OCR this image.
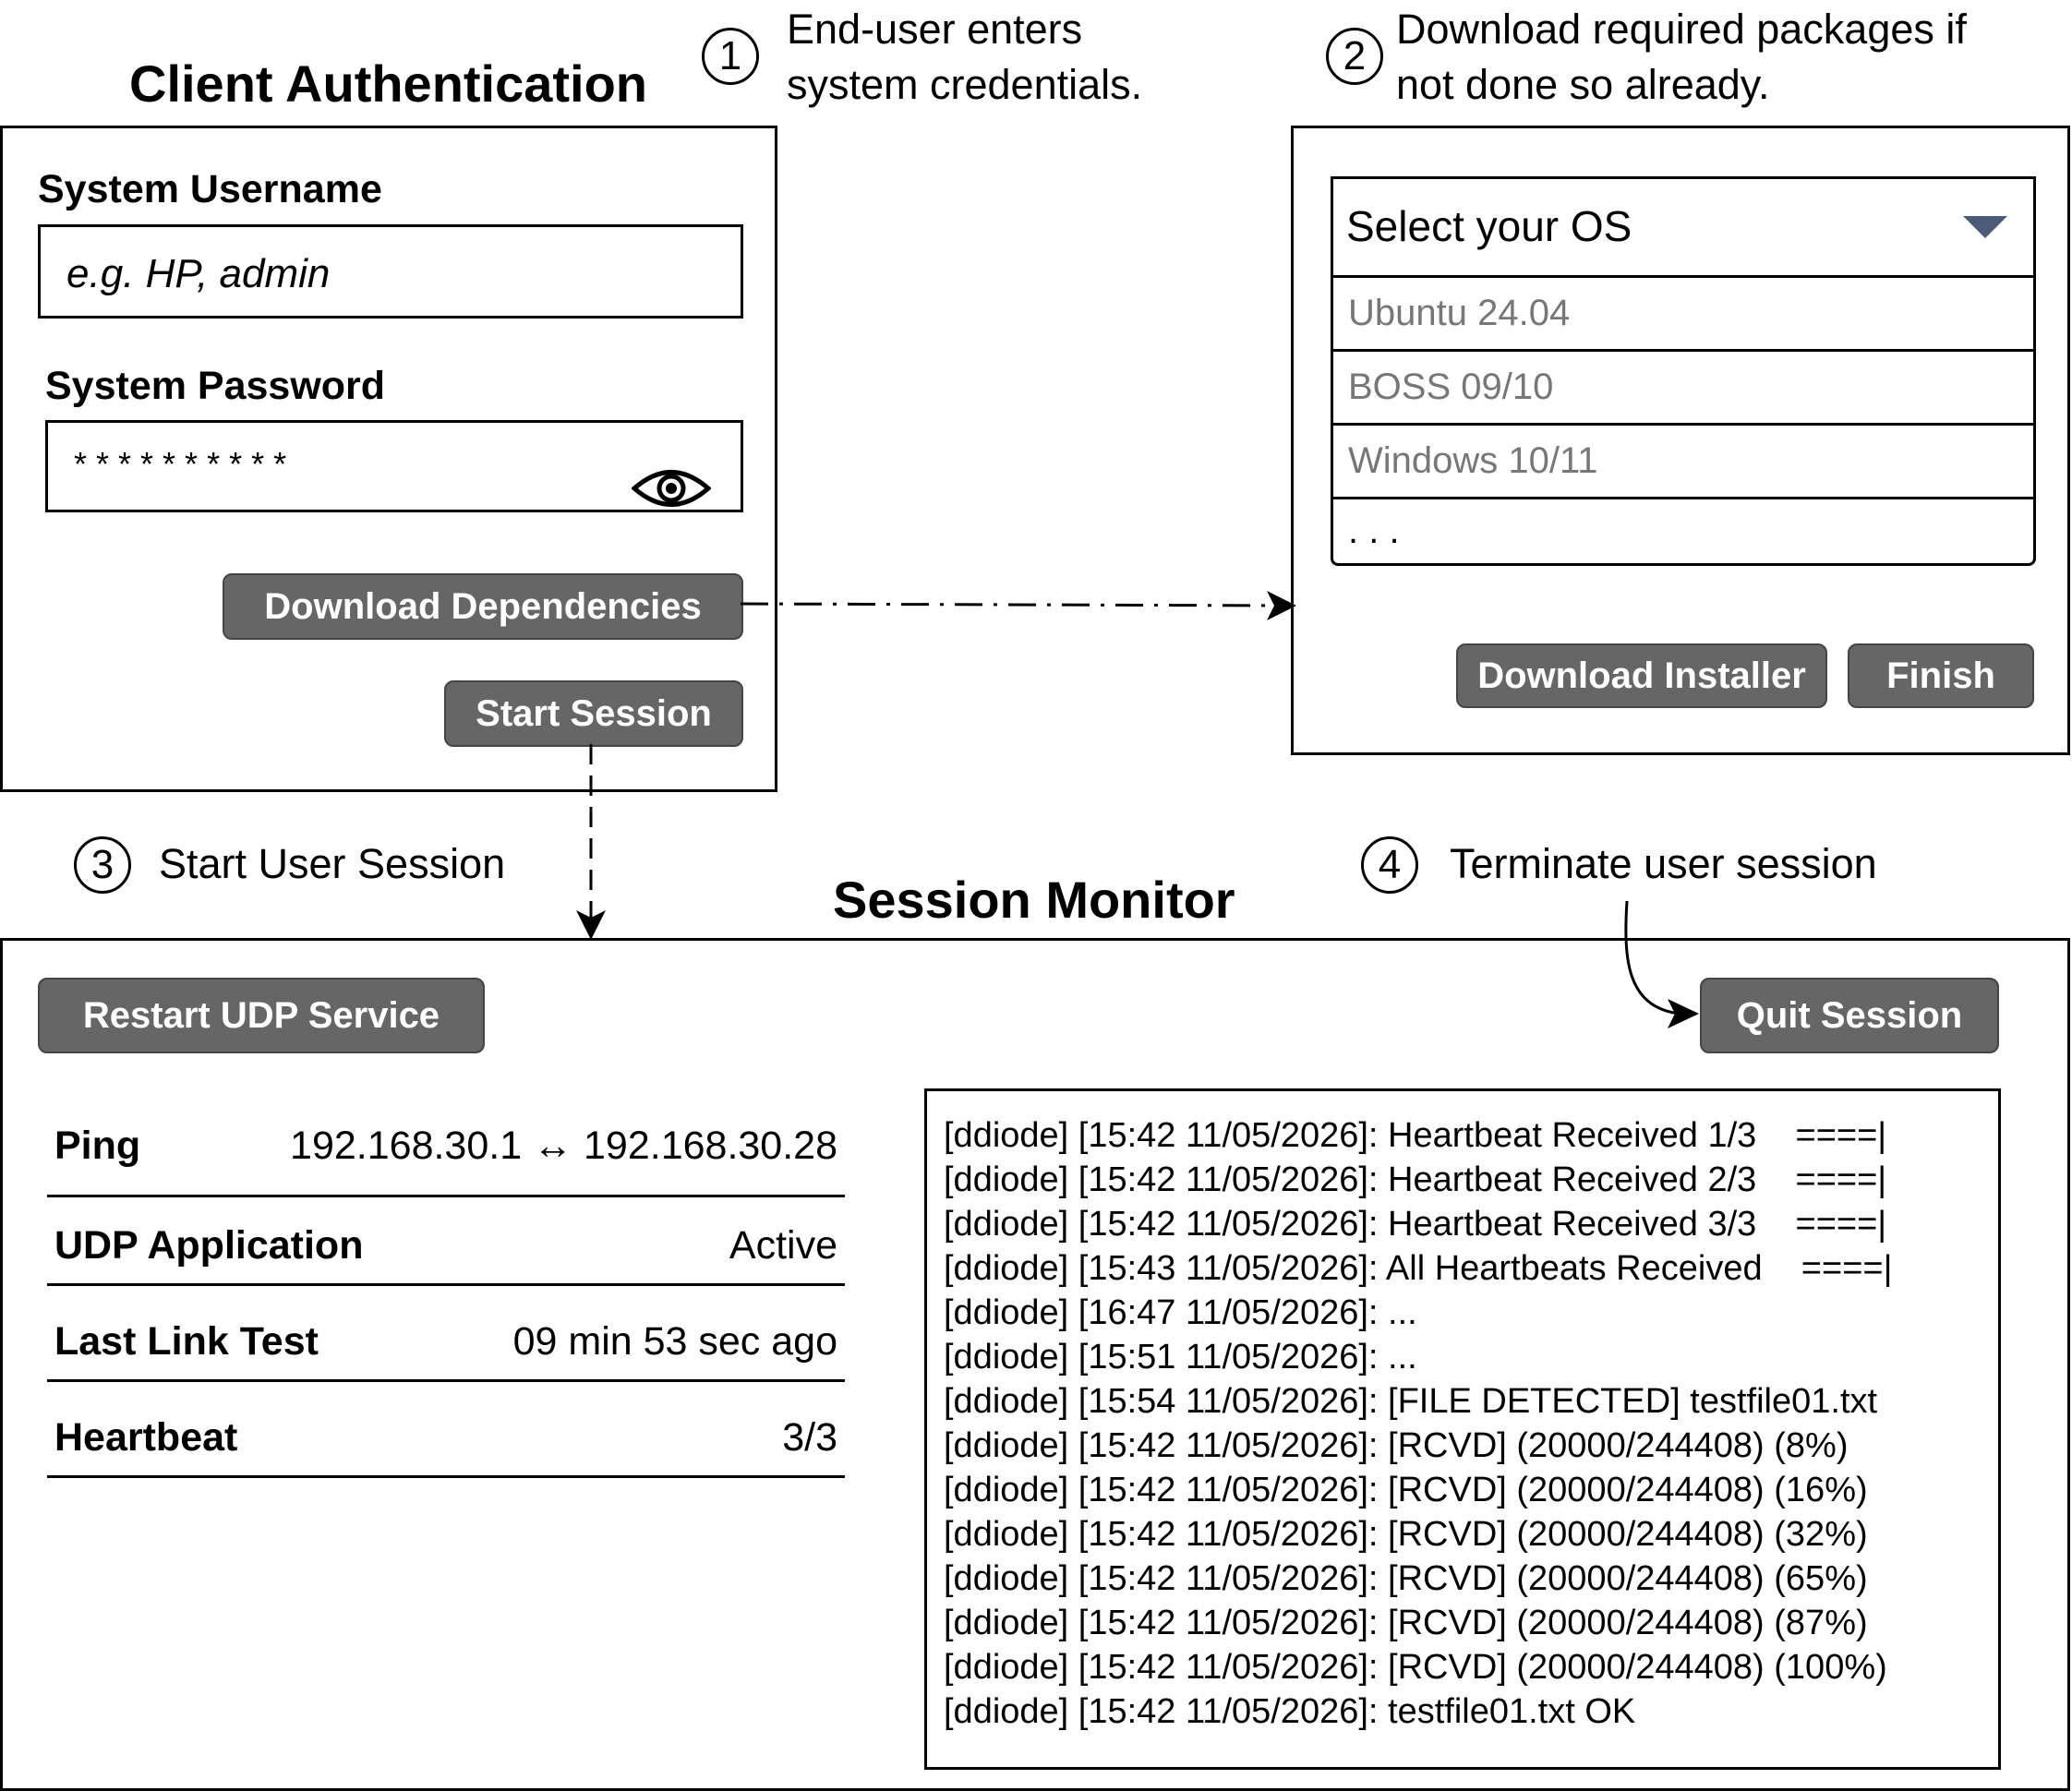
Client Authentication
System Username
e.g. HP, admin
System Password
* * * * * * * * * *
Download Dependencies
Start Session
1
End-user enters
system credentials.
2
Download required packages if
not done so already.
3	Start User Session	4	Terminate user session
Select your OS
Ubuntu 24.04
BOSS 09/10
Windows 10/11
. . .
Download Installer	Finish
Session Monitor
Restart UDP Service	Quit Session
Ping	192.168.30.1 ↔ 192.168.30.28
UDP Application	Active
Last Link Test	09 min 53 sec ago
Heartbeat	3/3
[ddiode] [15:42 11/05/2026]: Heartbeat Received 1/3    ====|
[ddiode] [15:42 11/05/2026]: Heartbeat Received 2/3    ====|
[ddiode] [15:42 11/05/2026]: Heartbeat Received 3/3    ====|
[ddiode] [15:43 11/05/2026]: All Heartbeats Received    ====|
[ddiode] [16:47 11/05/2026]: ...
[ddiode] [15:51 11/05/2026]: ...
[ddiode] [15:54 11/05/2026]: [FILE DETECTED] testfile01.txt
[ddiode] [15:42 11/05/2026]: [RCVD] (20000/244408) (8%)
[ddiode] [15:42 11/05/2026]: [RCVD] (20000/244408) (16%)
[ddiode] [15:42 11/05/2026]: [RCVD] (20000/244408) (32%)
[ddiode] [15:42 11/05/2026]: [RCVD] (20000/244408) (65%)
[ddiode] [15:42 11/05/2026]: [RCVD] (20000/244408) (87%)
[ddiode] [15:42 11/05/2026]: [RCVD] (20000/244408) (100%)
[ddiode] [15:42 11/05/2026]: testfile01.txt OK
